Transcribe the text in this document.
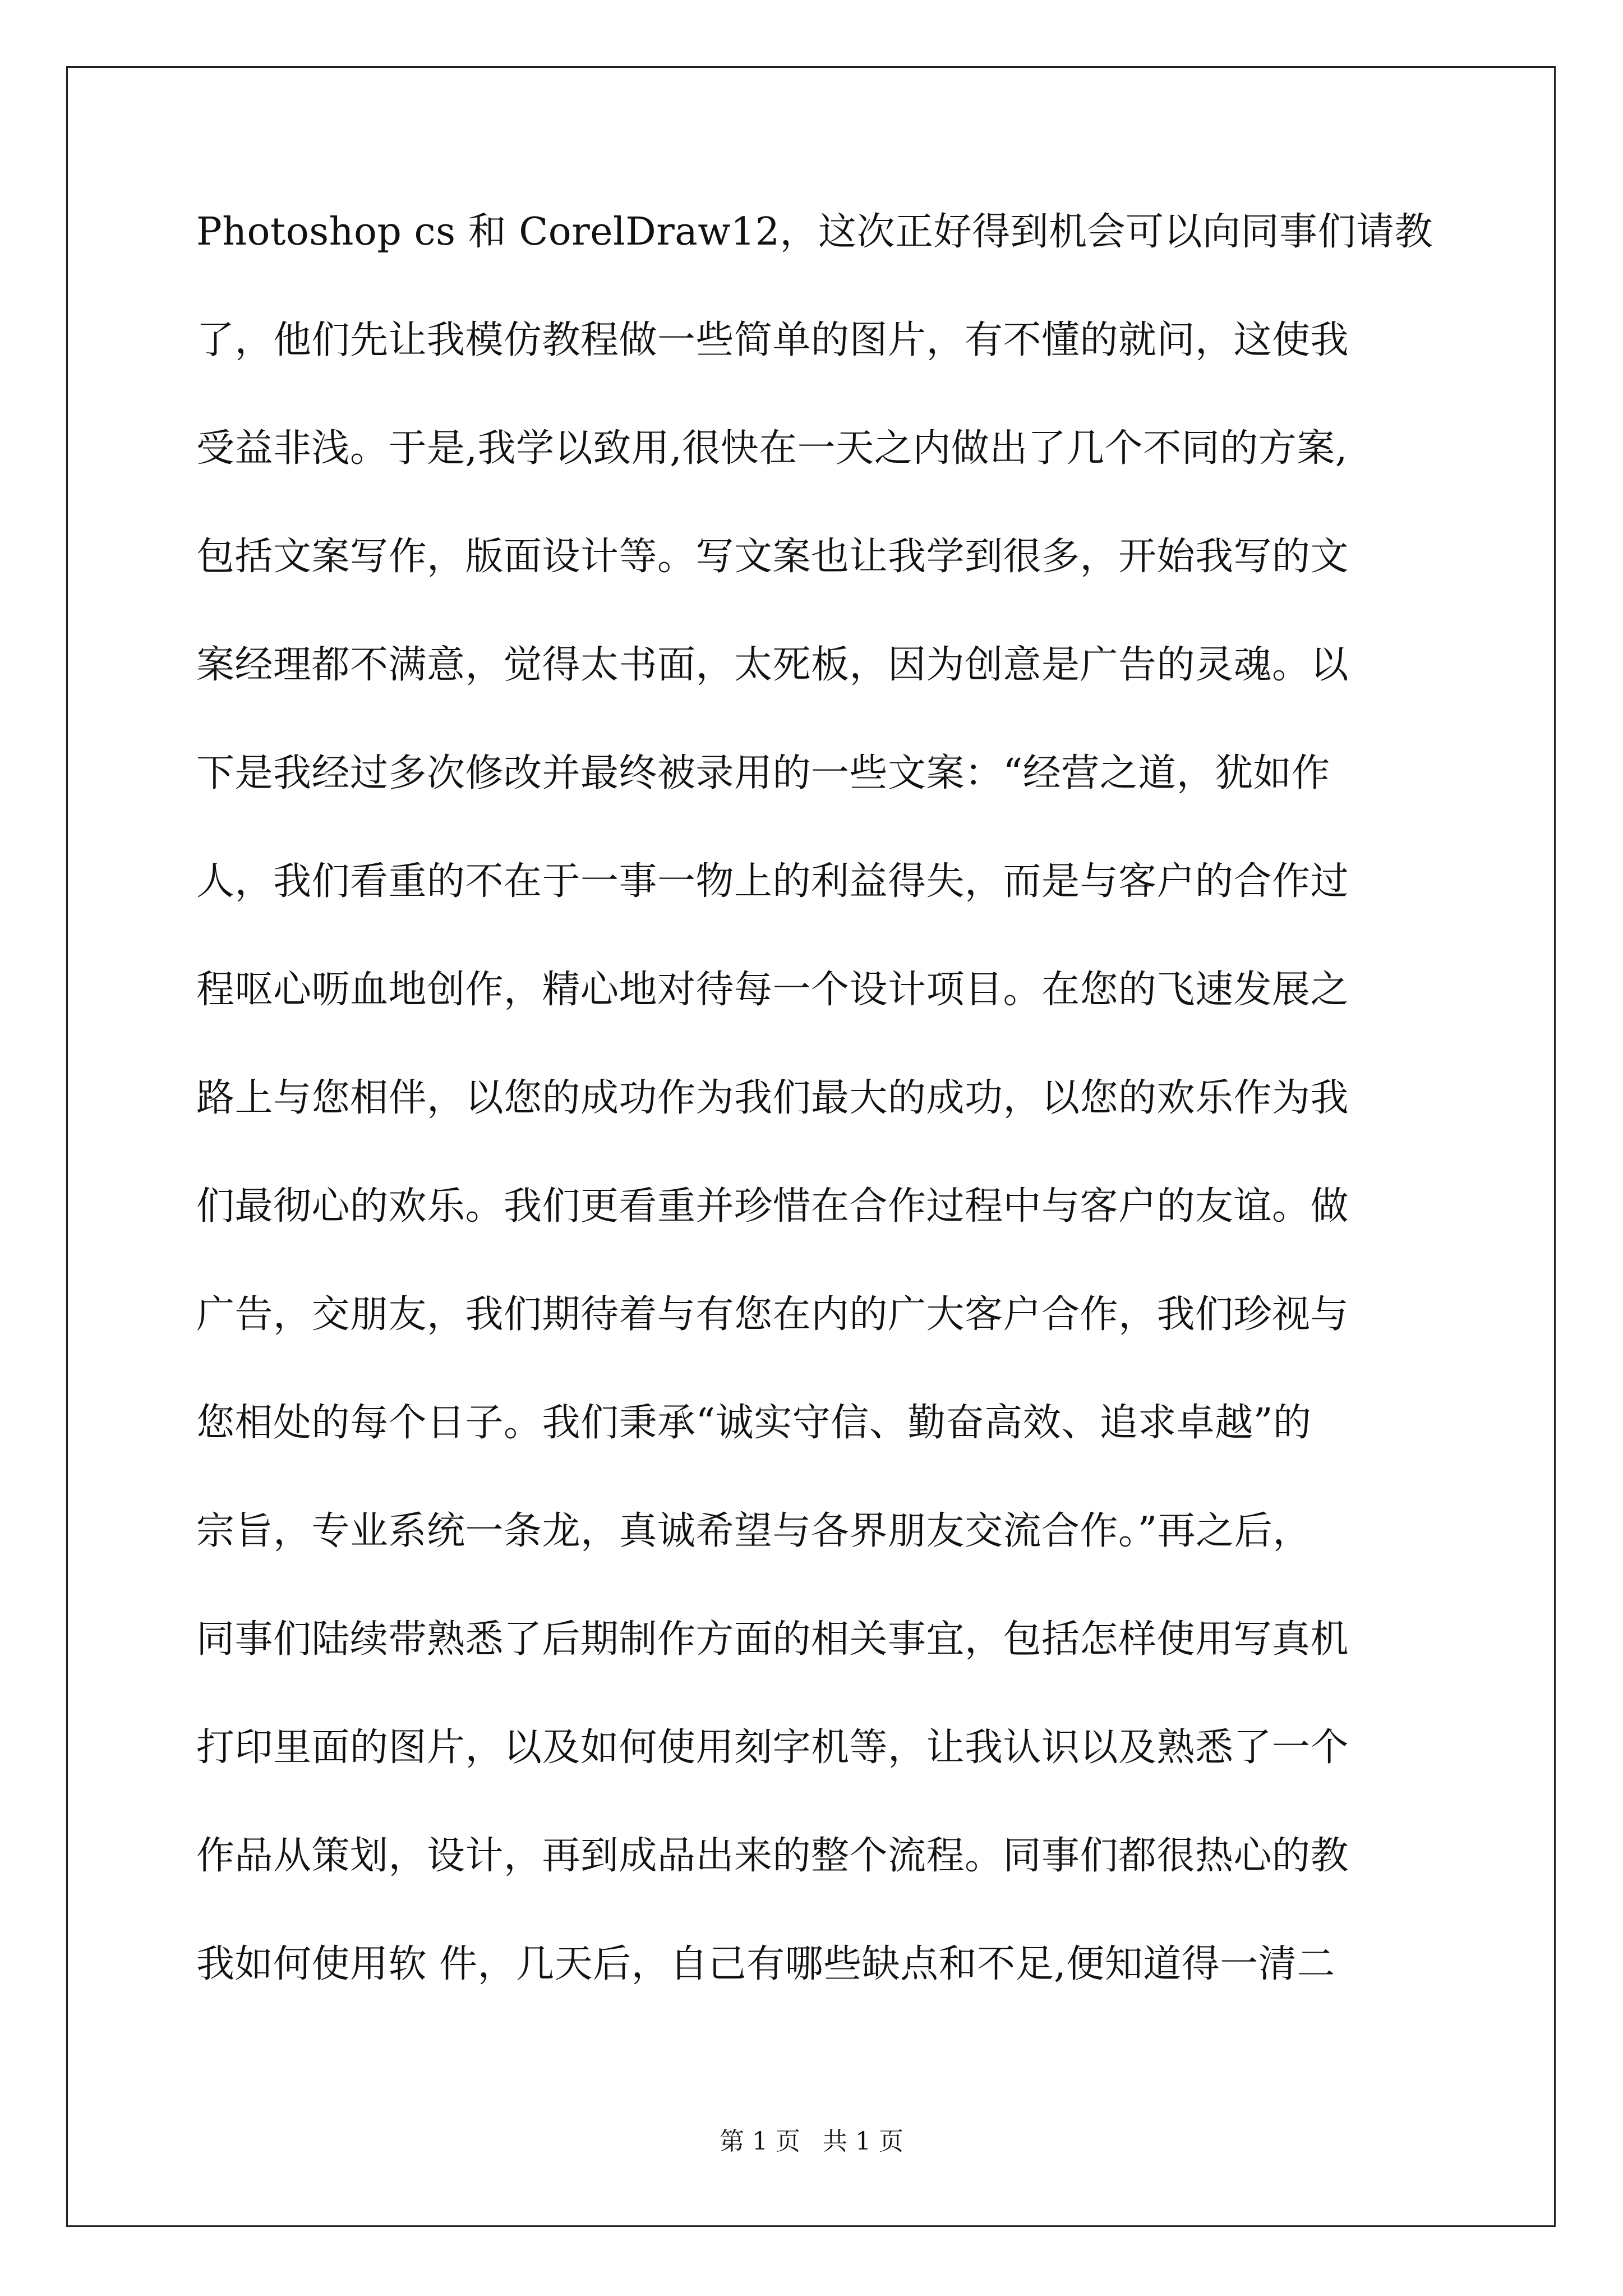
Photoshop cs 和 CorelDraw12，这次正好得到机会可以向同事们请教
了，他们先让我模仿教程做一些简单的图片，有不懂的就问，这使我
受益非浅。于是,我学以致用,很快在一天之内做出了几个不同的方案,
包括文案写作，版面设计等。写文案也让我学到很多，开始我写的文
案经理都不满意，觉得太书面，太死板，因为创意是广告的灵魂。以
下是我经过多次修改并最终被录用的一些文案：“经营之道，犹如作
人，我们看重的不在于一事一物上的利益得失，而是与客户的合作过
程呕心呖血地创作，精心地对待每一个设计项目。在您的飞速发展之
路上与您相伴，以您的成功作为我们最大的成功，以您的欢乐作为我
们最彻心的欢乐。我们更看重并珍惜在合作过程中与客户的友谊。做
广告，交朋友，我们期待着与有您在内的广大客户合作，我们珍视与
您相处的每个日子。我们秉承“诚实守信、勤奋高效、追求卓越”的
宗旨，专业系统一条龙，真诚希望与各界朋友交流合作。”再之后，
同事们陆续带熟悉了后期制作方面的相关事宜，包括怎样使用写真机
打印里面的图片，以及如何使用刻字机等，让我认识以及熟悉了一个
作品从策划，设计，再到成品出来的整个流程。同事们都很热心的教
我如何使用软 件，几天后，自己有哪些缺点和不足,便知道得一清二
第 1 页 共 1 页
